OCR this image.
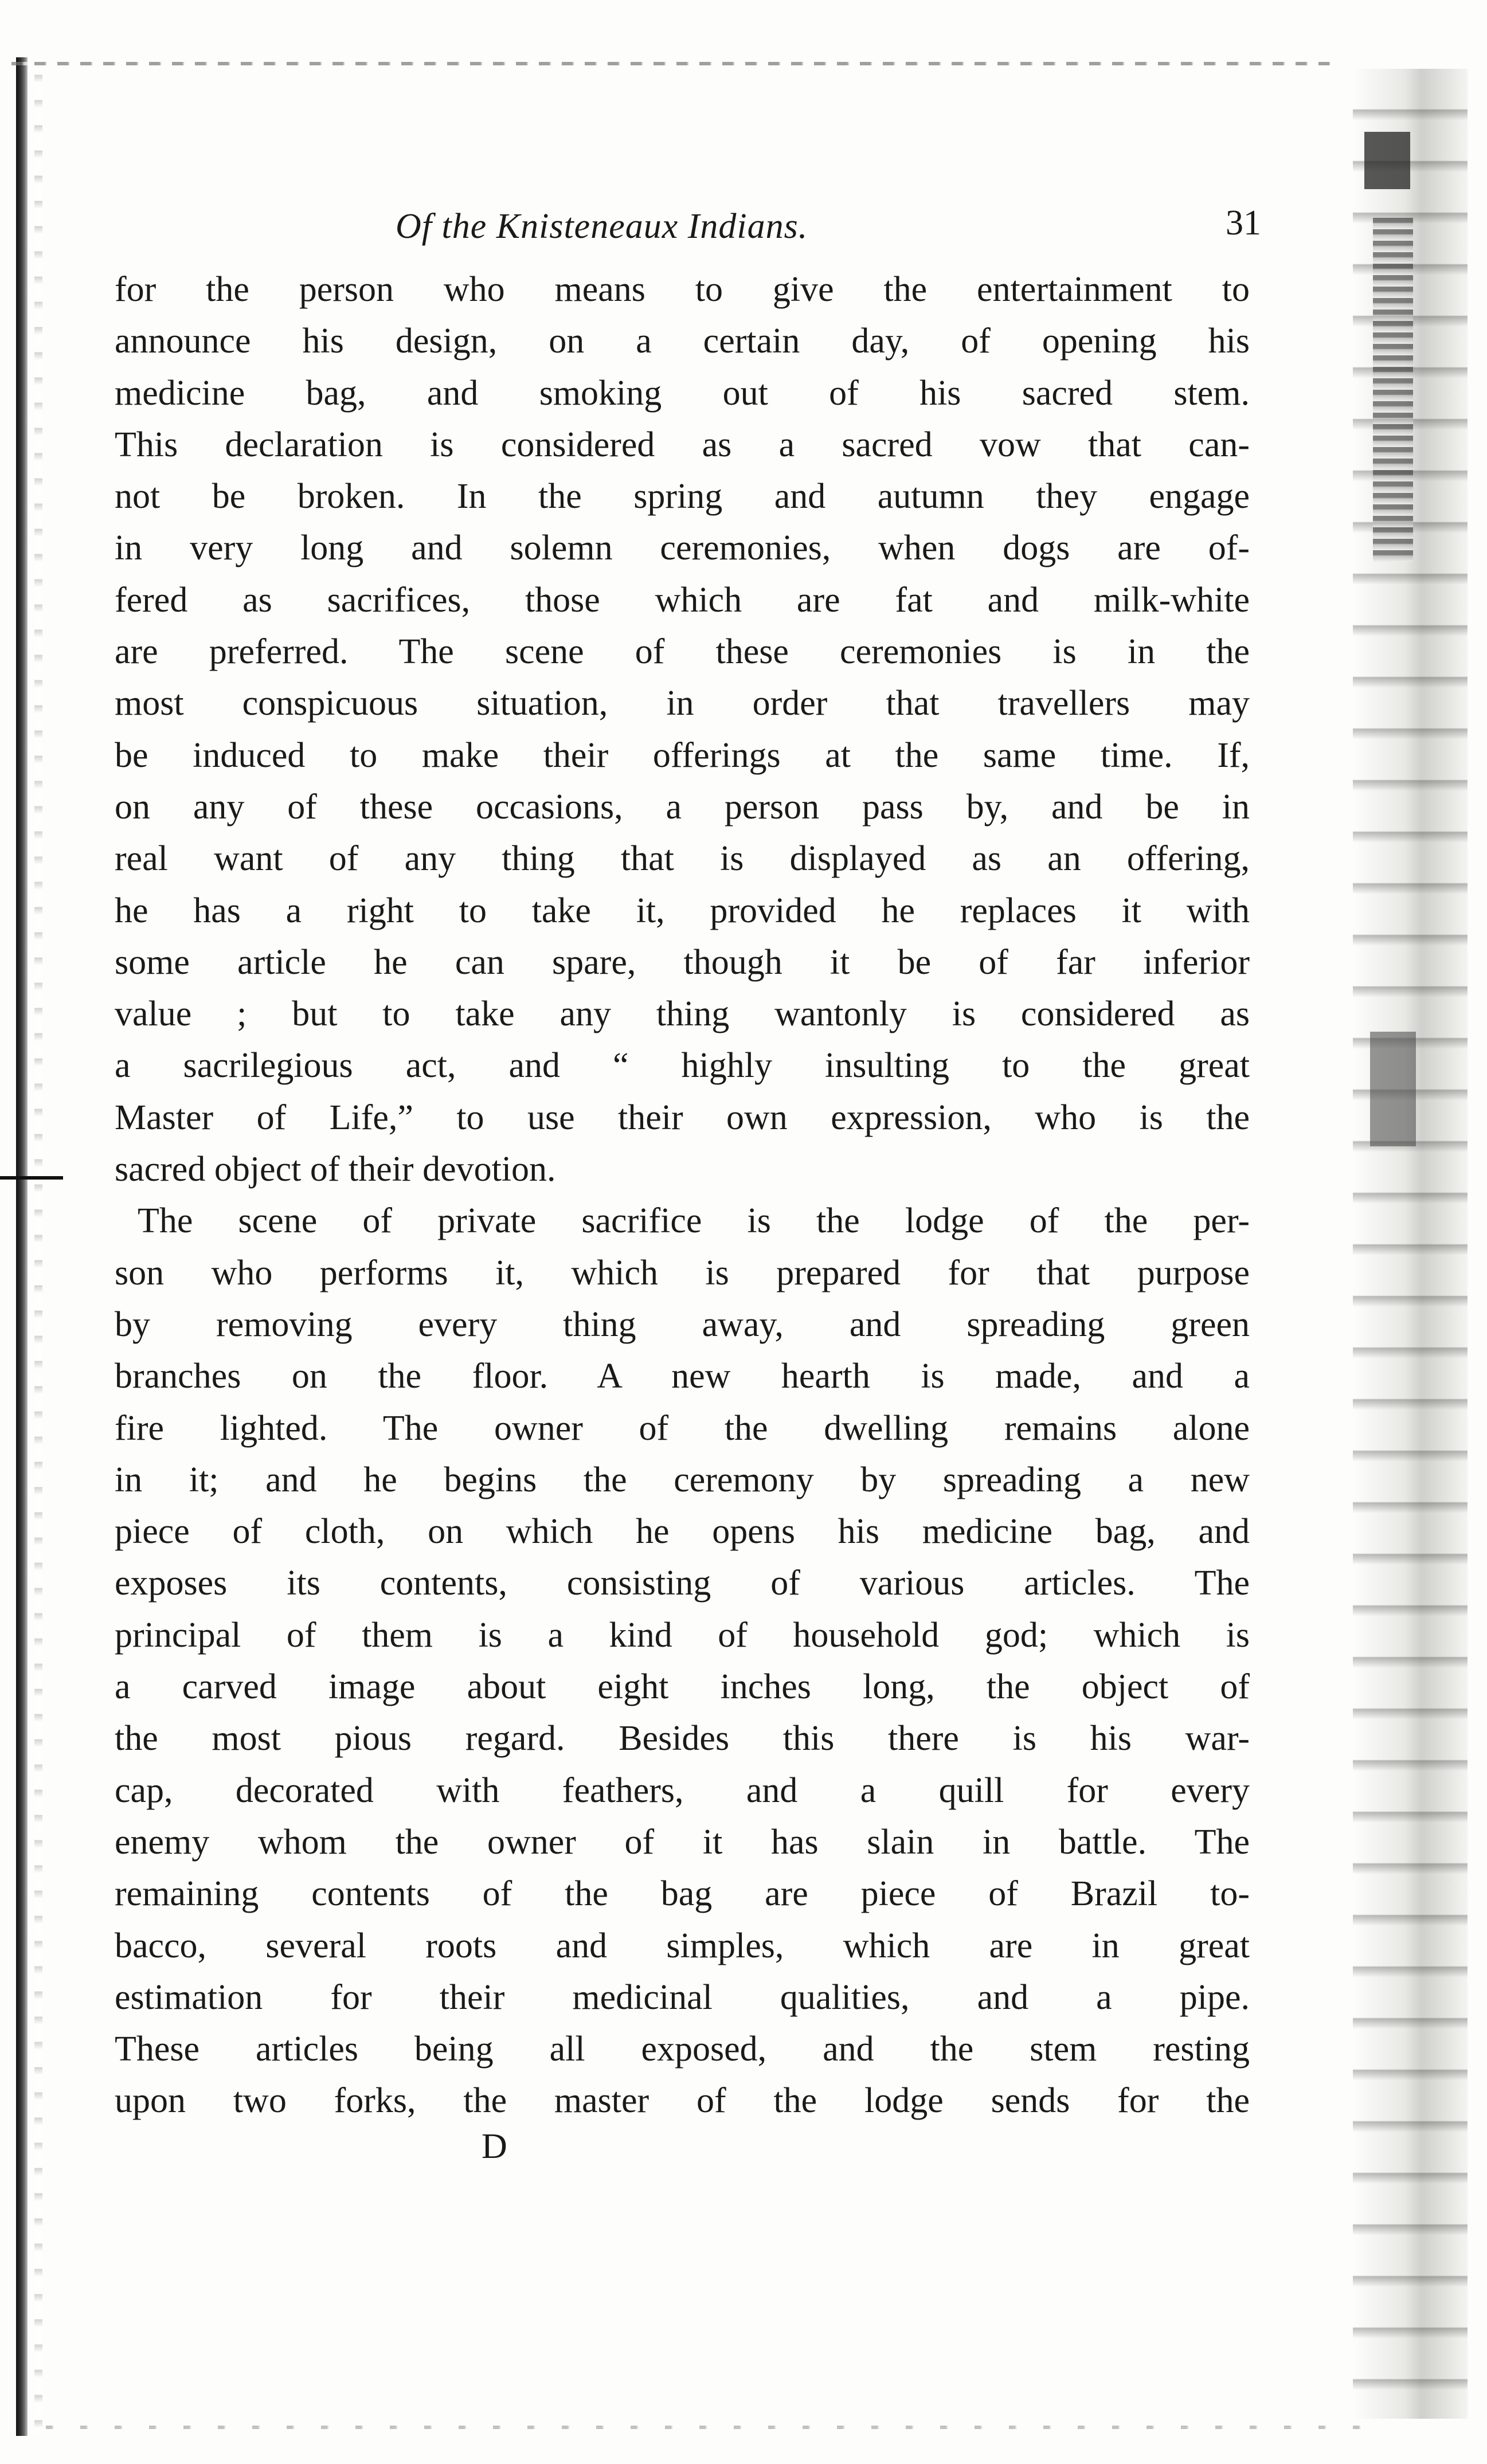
Of the Knisteneaux Indians.	31
for the person who means to give the entertainment to
announce his design, on a certain day, of opening his
medicine bag, and smoking out of his sacred stem.
This declaration is considered as a sacred vow that can-
not be broken. In the spring and autumn they engage
in very long and solemn ceremonies, when dogs are of-
fered as sacrifices, those which are fat and milk-white
are preferred. The scene of these ceremonies is in the
most conspicuous situation, in order that travellers may
be induced to make their offerings at the same time. If,
on any of these occasions, a person pass by, and be in
real want of any thing that is displayed as an offering,
he has a right to take it, provided he replaces it with
some article he can spare, though it be of far inferior
value ; but to take any thing wantonly is considered as
a sacrilegious act, and “ highly insulting to the great
Master of Life,” to use their own expression, who is the
sacred object of their devotion.
The scene of private sacrifice is the lodge of the per-
son who performs it, which is prepared for that purpose
by removing every thing away, and spreading green
branches on the floor. A new hearth is made, and a
fire lighted. The owner of the dwelling remains alone
in it; and he begins the ceremony by spreading a new
piece of cloth, on which he opens his medicine bag, and
exposes its contents, consisting of various articles. The
principal of them is a kind of household god; which is
a carved image about eight inches long, the object of
the most pious regard. Besides this there is his war-
cap, decorated with feathers, and a quill for every
enemy whom the owner of it has slain in battle. The
remaining contents of the bag are piece of Brazil to-
bacco, several roots and simples, which are in great
estimation for their medicinal qualities, and a pipe.
These articles being all exposed, and the stem resting
upon two forks, the master of the lodge sends for the
D
